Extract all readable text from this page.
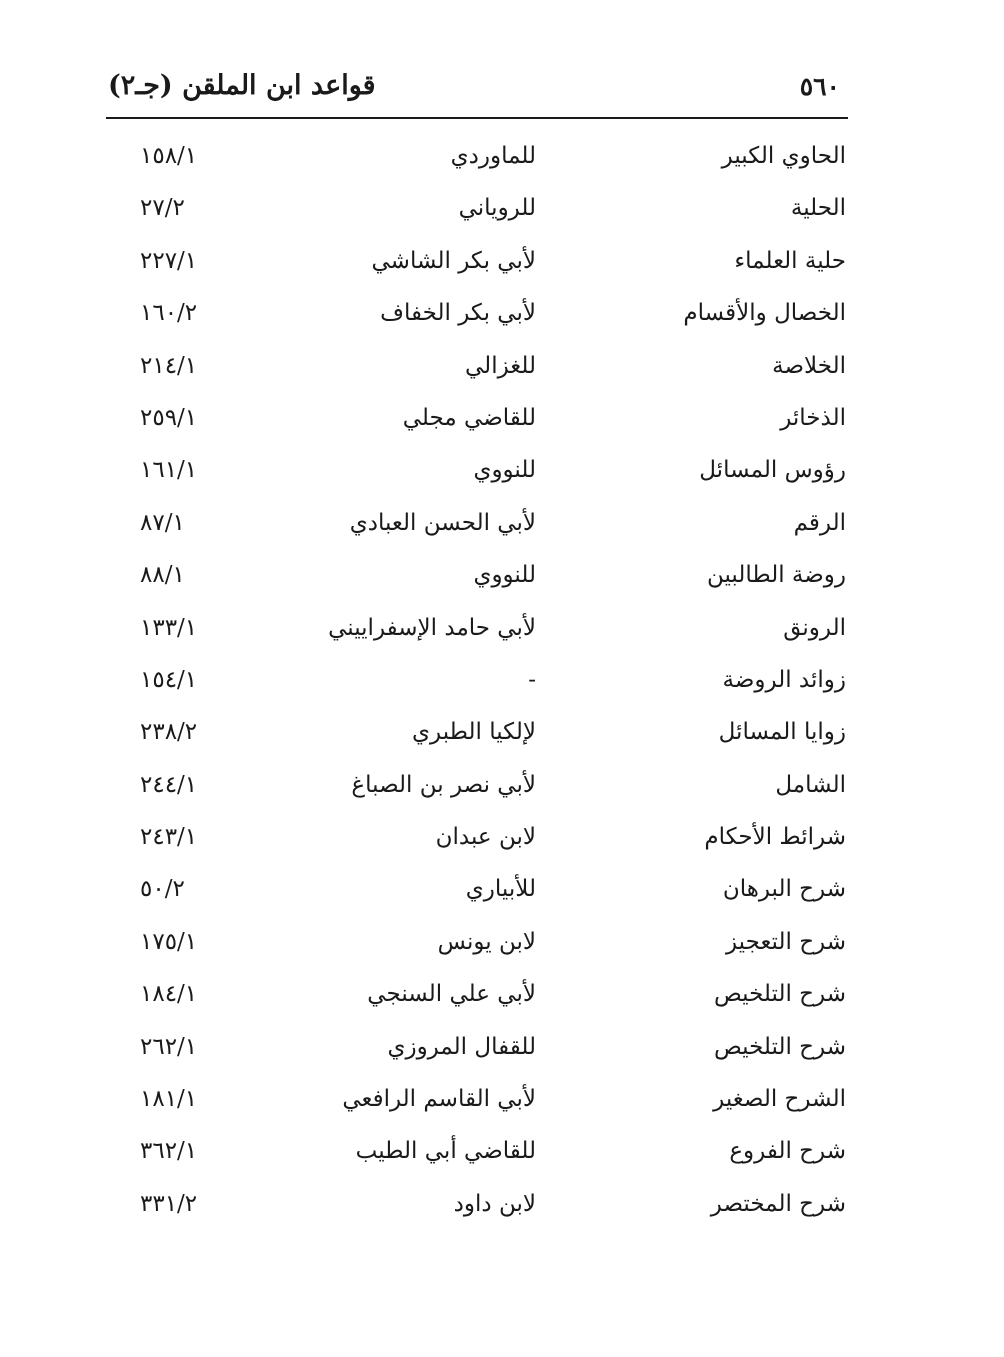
٥٦٠
قواعد ابن الملقن (جـ٢)
الحاوي الكبير
للماوردي
١٥٨/١
الحلية
للروياني
٢٧/٢
حلية العلماء
لأبي بكر الشاشي
٢٢٧/١
الخصال والأقسام
لأبي بكر الخفاف
١٦٠/٢
الخلاصة
للغزالي
٢١٤/١
الذخائر
للقاضي مجلي
٢٥٩/١
رؤوس المسائل
للنووي
١٦١/١
الرقم
لأبي الحسن العبادي
٨٧/١
روضة الطالبين
للنووي
٨٨/١
الرونق
لأبي حامد الإسفراييني
١٣٣/١
زوائد الروضة
-
١٥٤/١
زوايا المسائل
لإلكيا الطبري
٢٣٨/٢
الشامل
لأبي نصر بن الصباغ
٢٤٤/١
شرائط الأحكام
لابن عبدان
٢٤٣/١
شرح البرهان
للأبياري
٥٠/٢
شرح التعجيز
لابن يونس
١٧٥/١
شرح التلخيص
لأبي علي السنجي
١٨٤/١
شرح التلخيص
للقفال المروزي
٢٦٢/١
الشرح الصغير
لأبي القاسم الرافعي
١٨١/١
شرح الفروع
للقاضي أبي الطيب
٣٦٢/١
شرح المختصر
لابن داود
٣٣١/٢
